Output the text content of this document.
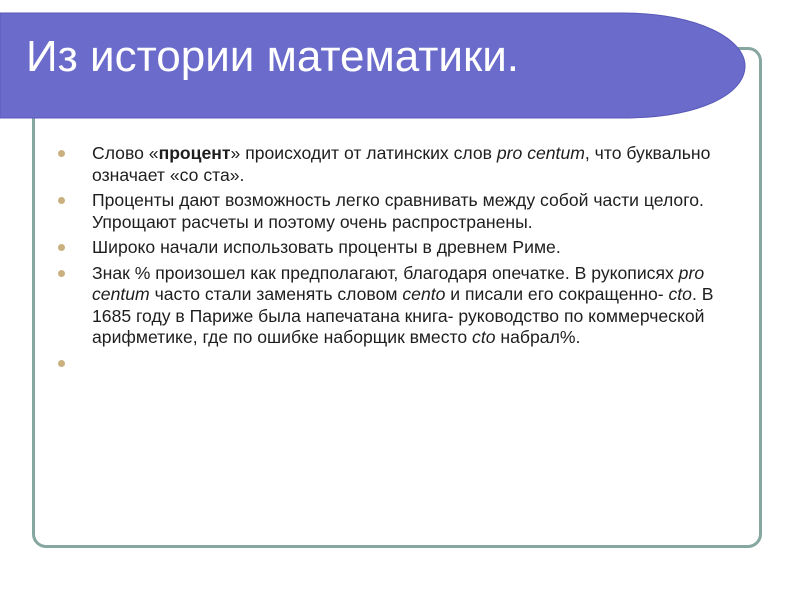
Из истории математики.
Слово «процент» происходит от латинских слов pro centum, что буквально означает «со ста».
Проценты дают возможность легко сравнивать между собой части целого. Упрощают расчеты и поэтому очень распространены.
Широко начали использовать проценты в древнем Риме.
Знак % произошел как предполагают, благодаря опечатке. В рукописях pro centum часто стали заменять словом cento и писали его сокращенно- cto. В 1685 году в Париже была напечатана книга- руководство по коммерческой арифметике, где по ошибке наборщик вместо cto набрал%.
